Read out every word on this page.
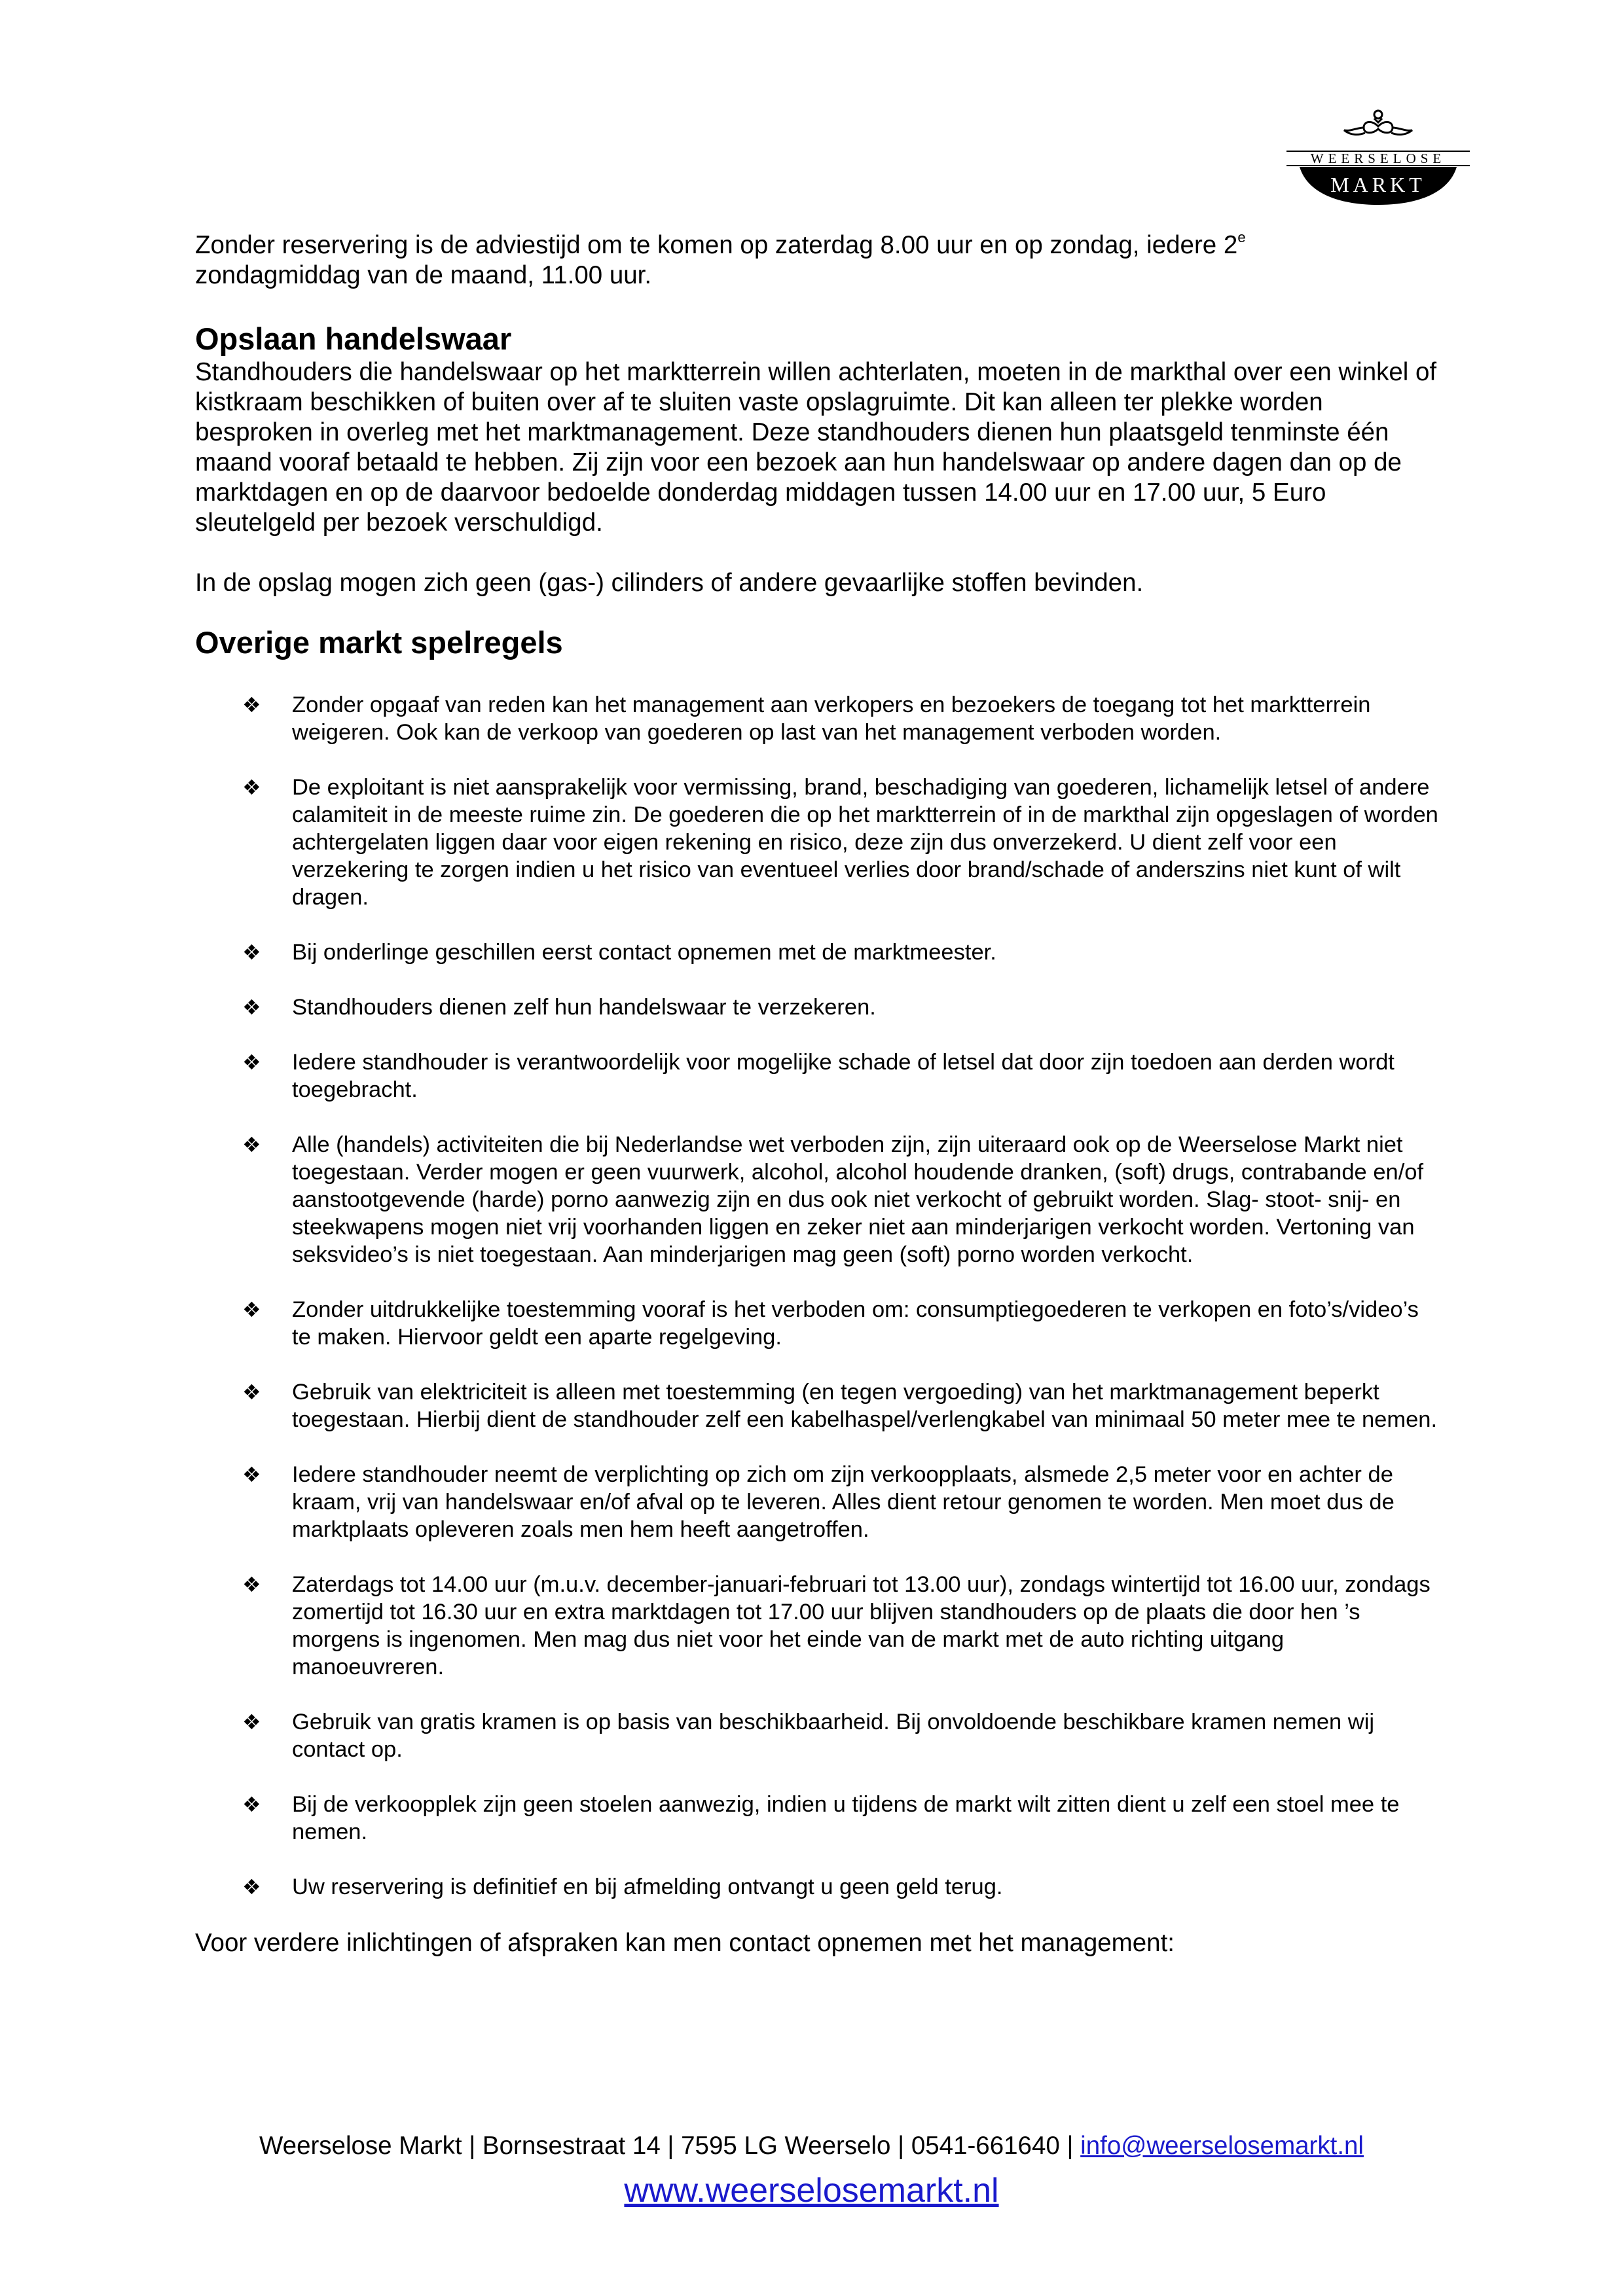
WEERSELOSE
MARKT

Zonder reservering is de adviestijd om te komen op zaterdag 8.00 uur en op zondag, iedere 2e
zondagmiddag van de maand, 11.00 uur.

Opslaan handelswaar

Standhouders die handelswaar op het marktterrein willen achterlaten, moeten in de markthal over een winkel of kistkraam beschikken of buiten over af te sluiten vaste opslagruimte. Dit kan alleen ter plekke worden besproken in overleg met het marktmanagement. Deze standhouders dienen hun plaatsgeld tenminste één maand vooraf betaald te hebben. Zij zijn voor een bezoek aan hun handelswaar op andere dagen dan op de marktdagen en op de daarvoor bedoelde donderdag middagen tussen 14.00 uur en 17.00 uur, 5 Euro sleutelgeld per bezoek verschuldigd.

In de opslag mogen zich geen (gas-) cilinders of andere gevaarlijke stoffen bevinden.

Overige markt spelregels
❖ Zonder opgaaf van reden kan het management aan verkopers en bezoekers de toegang tot het marktterrein weigeren. Ook kan de verkoop van goederen op last van het management verboden worden.
❖ De exploitant is niet aansprakelijk voor vermissing, brand, beschadiging van goederen, lichamelijk letsel of andere calamiteit in de meeste ruime zin. De goederen die op het marktterrein of in de markthal zijn opgeslagen of worden achtergelaten liggen daar voor eigen rekening en risico, deze zijn dus onverzekerd. U dient zelf voor een verzekering te zorgen indien u het risico van eventueel verlies door brand/schade of anderszins niet kunt of wilt dragen.
❖ Bij onderlinge geschillen eerst contact opnemen met de marktmeester.
❖ Standhouders dienen zelf hun handelswaar te verzekeren.
❖ Iedere standhouder is verantwoordelijk voor mogelijke schade of letsel dat door zijn toedoen aan derden wordt toegebracht.
❖ Alle (handels) activiteiten die bij Nederlandse wet verboden zijn, zijn uiteraard ook op de Weerselose Markt niet toegestaan. Verder mogen er geen vuurwerk, alcohol, alcohol houdende dranken, (soft) drugs, contrabande en/of aanstootgevende (harde) porno aanwezig zijn en dus ook niet verkocht of gebruikt worden. Slag- stoot- snij- en steekwapens mogen niet vrij voorhanden liggen en zeker niet aan minderjarigen verkocht worden. Vertoning van seksvideo’s is niet toegestaan. Aan minderjarigen mag geen (soft) porno worden verkocht.
❖ Zonder uitdrukkelijke toestemming vooraf is het verboden om: consumptiegoederen te verkopen en foto’s/video’s te maken. Hiervoor geldt een aparte regelgeving.
❖ Gebruik van elektriciteit is alleen met toestemming (en tegen vergoeding) van het marktmanagement beperkt toegestaan. Hierbij dient de standhouder zelf een kabelhaspel/verlengkabel van minimaal 50 meter mee te nemen.
❖ Iedere standhouder neemt de verplichting op zich om zijn verkoopplaats, alsmede 2,5 meter voor en achter de kraam, vrij van handelswaar en/of afval op te leveren. Alles dient retour genomen te worden. Men moet dus de marktplaats opleveren zoals men hem heeft aangetroffen.
❖ Zaterdags tot 14.00 uur (m.u.v. december-januari-februari tot 13.00 uur), zondags wintertijd tot 16.00 uur, zondags zomertijd tot 16.30 uur en extra marktdagen tot 17.00 uur blijven standhouders op de plaats die door hen ’s morgens is ingenomen. Men mag dus niet voor het einde van de markt met de auto richting uitgang manoeuvreren.
❖ Gebruik van gratis kramen is op basis van beschikbaarheid. Bij onvoldoende beschikbare kramen nemen wij contact op.
❖ Bij de verkoopplek zijn geen stoelen aanwezig, indien u tijdens de markt wilt zitten dient u zelf een stoel mee te nemen.
❖ Uw reservering is definitief en bij afmelding ontvangt u geen geld terug.

Voor verdere inlichtingen of afspraken kan men contact opnemen met het management:

Weerselose Markt | Bornsestraat 14 | 7595 LG Weerselo | 0541-661640 | info@weerselosemarkt.nl
www.weerselosemarkt.nl
